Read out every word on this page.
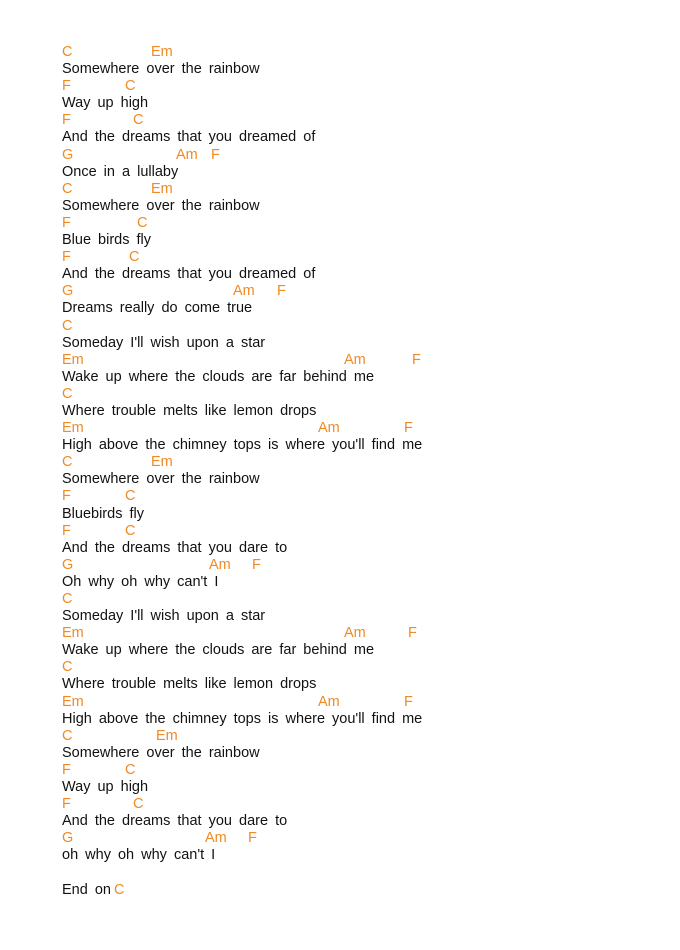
C	Em
Somewhere over the rainbow
F	C
Way up high
F	C
And the dreams that you dreamed of
G	Am F
Once in a lullaby
C	Em
Somewhere over the rainbow
F	C
Blue birds fly
F	C
And the dreams that you dreamed of
G	Am F
Dreams really do come true
C
Someday I'll wish upon a star
Em	Am	F
Wake up where the clouds are far behind me
C
Where trouble melts like lemon drops
Em	Am	F
High above the chimney tops is where you'll find me
C	Em
Somewhere over the rainbow
F	C
Bluebirds fly
F	C
And the dreams that you dare to
G	Am F
Oh why oh why can't I
C
Someday I'll wish upon a star
Em	Am	F
Wake up where the clouds are far behind me
C
Where trouble melts like lemon drops
Em	Am	F
High above the chimney tops is where you'll find me
C	Em
Somewhere over the rainbow
F	C
Way up high
F	C
And the dreams that you dare to
G	Am F
oh why oh why can't I
End on C
